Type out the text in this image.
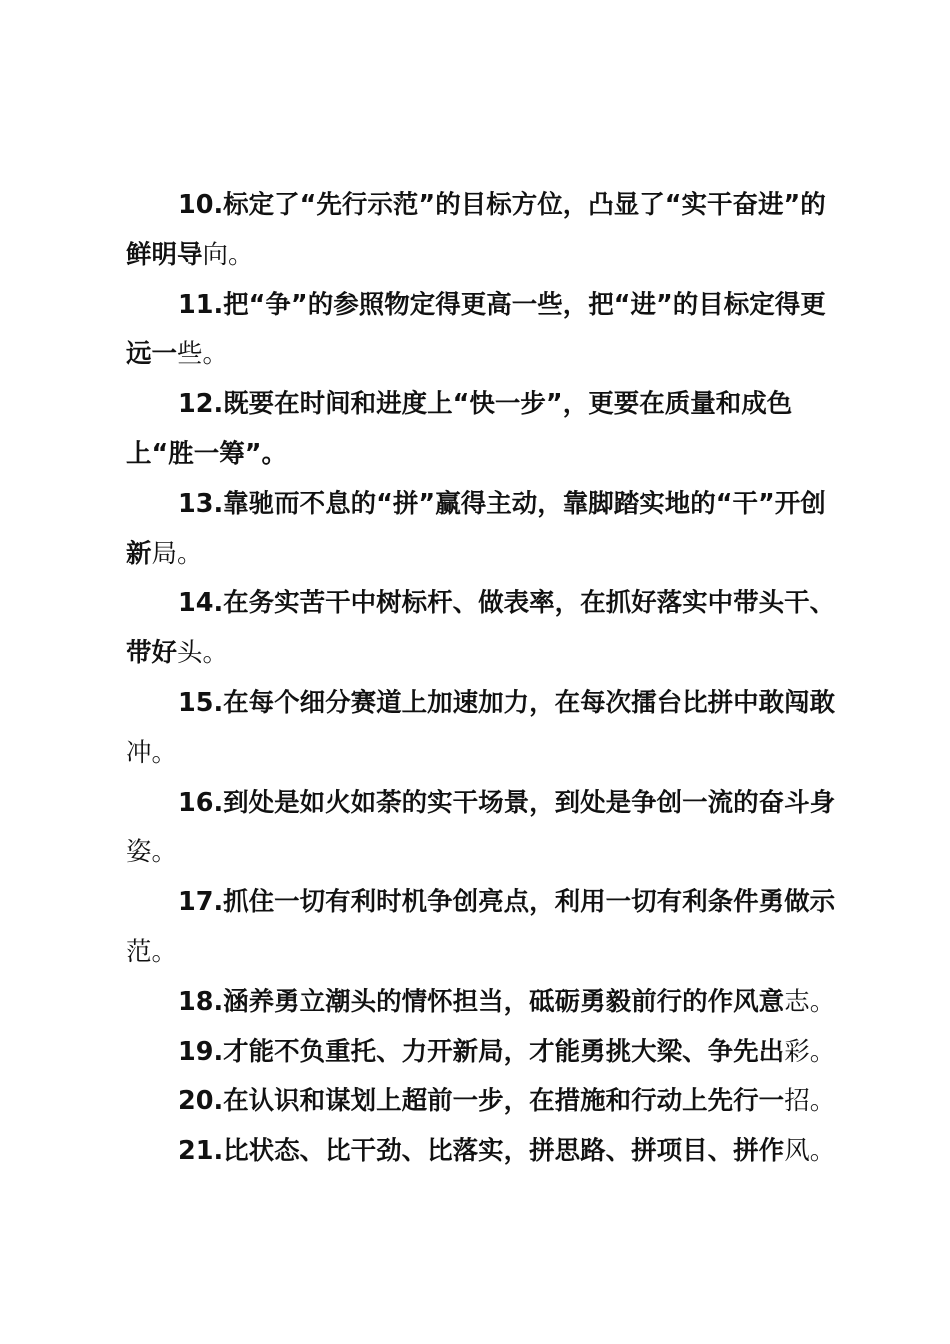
10.标定了“先行示范”的目标方位，凸显了“实干奋进”的鲜明导向。

11.把“争”的参照物定得更高一些，把“进”的目标定得更远一些。

12.既要在时间和进度上“快一步”，更要在质量和成色上“胜一筹”。

13.靠驰而不息的“拼”赢得主动，靠脚踏实地的“干”开创新局。

14.在务实苦干中树标杆、做表率，在抓好落实中带头干、带好头。

15.在每个细分赛道上加速加力，在每次擂台比拼中敢闯敢冲。

16.到处是如火如荼的实干场景，到处是争创一流的奋斗身姿。

17.抓住一切有利时机争创亮点，利用一切有利条件勇做示范。

18.涵养勇立潮头的情怀担当，砥砺勇毅前行的作风意志。

19.才能不负重托、力开新局，才能勇挑大梁、争先出彩。

20.在认识和谋划上超前一步，在措施和行动上先行一招。

21.比状态、比干劲、比落实，拼思路、拼项目、拼作风。
